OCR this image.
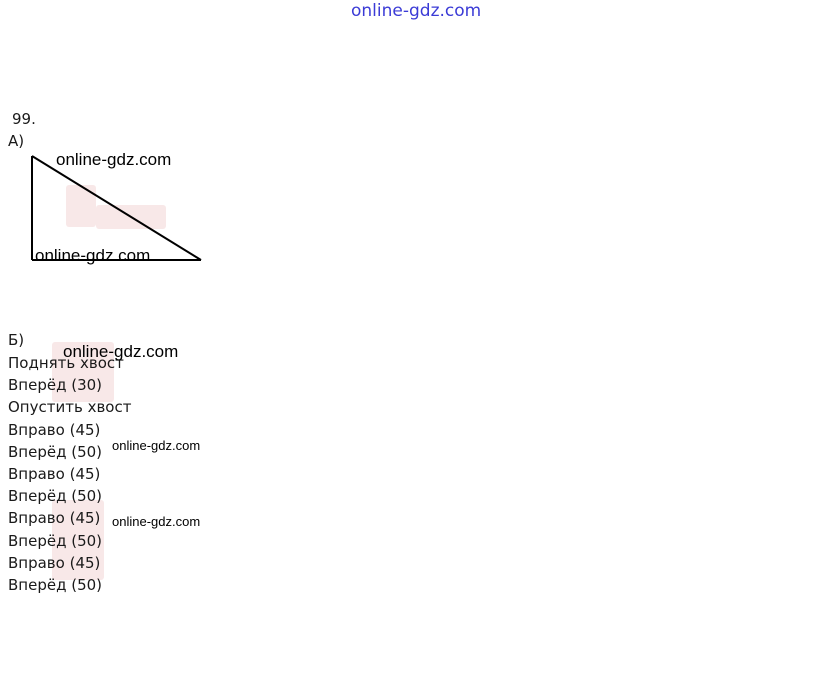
online-gdz.com
99.
А)
online-gdz.com
online-gdz.com
Б)
Поднять хвост
Вперёд (30)
Опустить хвост
Вправо (45)
Вперёд (50)
Вправо (45)
Вперёд (50)
Вправо (45)
Вперёд (50)
Вправо (45)
Вперёд (50)
online-gdz.com
online-gdz.com
online-gdz.com
